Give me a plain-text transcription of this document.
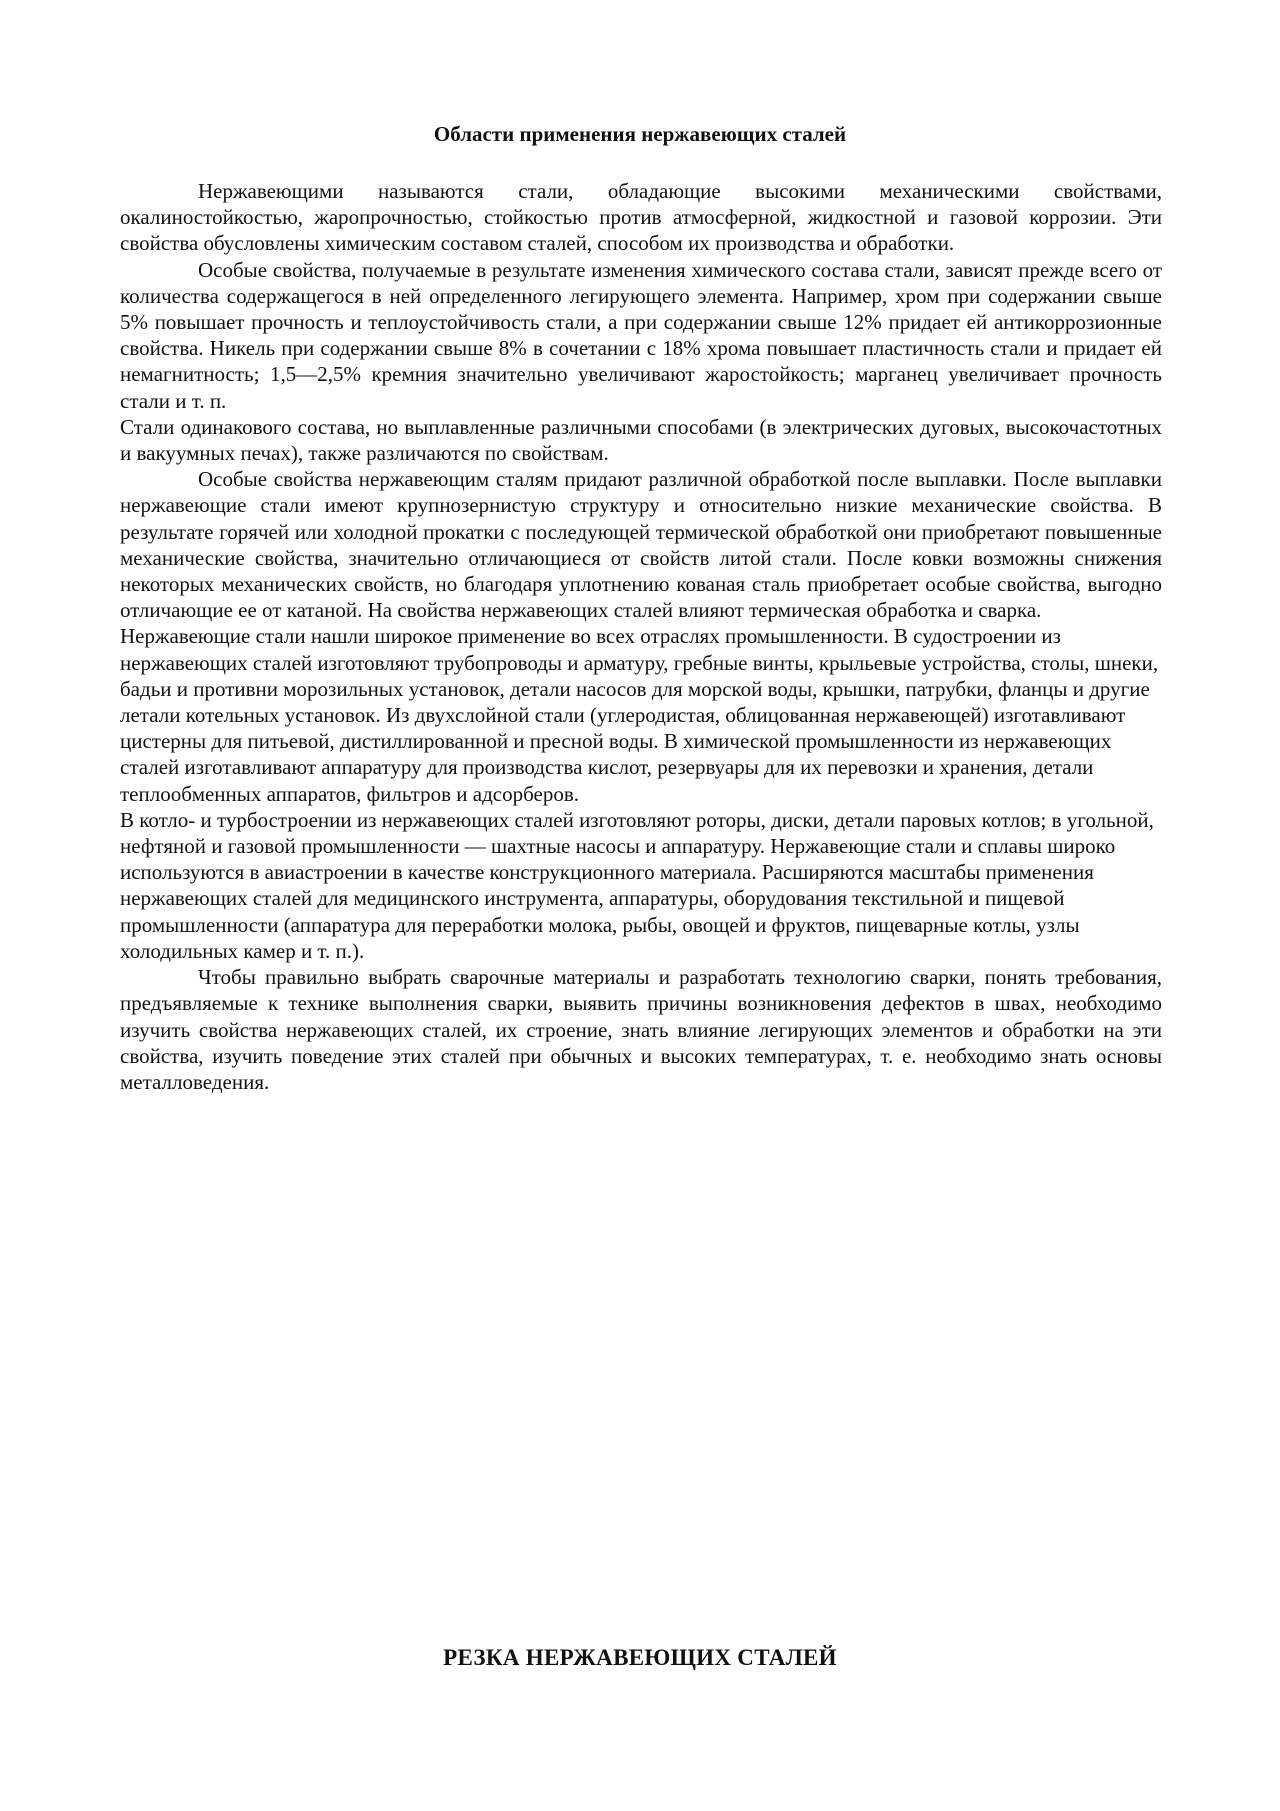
Области применения нержавеющих сталей

Нержавеющими называются стали, обладающие высокими механическими свойствами, окалиностойкостью, жаропрочностью, стойкостью против атмосферной, жидкостной и газовой коррозии. Эти свойства обусловлены химическим составом сталей, способом их производства и обработки.

Особые свойства, получаемые в результате изменения химического состава стали, зависят прежде всего от количества содержащегося в ней определенного легирующего элемента. Например, хром при содержании свыше 5% повышает прочность и теплоустойчивость стали, а при содержании свыше 12% придает ей антикоррозионные свойства. Никель при содержании свыше 8% в сочетании с 18% хрома повышает пластичность стали и придает ей немагнитность; 1,5—2,5% кремния значительно увеличивают жаростойкость; марганец увеличивает прочность стали и т. п.

Стали одинакового состава, но выплавленные различными способами (в электрических дуговых, высокочастотных и вакуумных печах), также различаются по свойствам.

Особые свойства нержавеющим сталям придают различной обработкой после выплавки. После выплавки нержавеющие стали имеют крупнозернистую структуру и относительно низкие механические свойства. В результате горячей или холодной прокатки с последующей термической обработкой они приобретают повышенные механические свойства, значительно отличающиеся от свойств литой стали. После ковки возможны снижения некоторых механических свойств, но благодаря уплотнению кованая сталь приобретает особые свойства, выгодно отличающие ее от катаной. На свойства нержавеющих сталей влияют термическая обработка и сварка.

Нержавеющие стали нашли широкое применение во всех отраслях промышленности. В судостроении из нержавеющих сталей изготовляют трубопроводы и арматуру, гребные винты, крыльевые устройства, столы, шнеки, бадьи и противни морозильных установок, детали насосов для морской воды, крышки, патрубки, фланцы и другие летали котельных установок. Из двухслойной стали (углеродистая, облицованная нержавеющей) изготавливают цистерны для питьевой, дистиллированной и пресной воды. В химической промышленности из нержавеющих сталей изготавливают аппаратуру для производства кислот, резервуары для их перевозки и хранения, детали теплообменных аппаратов, фильтров и адсорберов.

В котло- и турбостроении из нержавеющих сталей изготовляют роторы, диски, детали паровых котлов; в угольной, нефтяной и газовой промышленности — шахтные насосы и аппаратуру. Нержавеющие стали и сплавы широко используются в авиастроении в качестве конструкционного материала. Расширяются масштабы применения нержавеющих сталей для медицинского инструмента, аппаратуры, оборудования текстильной и пищевой промышленности (аппаратура для переработки молока, рыбы, овощей и фруктов, пищеварные котлы, узлы холодильных камер и т. п.).

Чтобы правильно выбрать сварочные материалы и разработать технологию сварки, понять требования, предъявляемые к технике выполнения сварки, выявить причины возникновения дефектов в швах, необходимо изучить свойства нержавеющих сталей, их строение, знать влияние легирующих элементов и обработки на эти свойства, изучить поведение этих сталей при обычных и высоких температурах, т. е. необходимо знать основы металловедения.

РЕЗКА НЕРЖАВЕЮЩИХ СТАЛЕЙ
